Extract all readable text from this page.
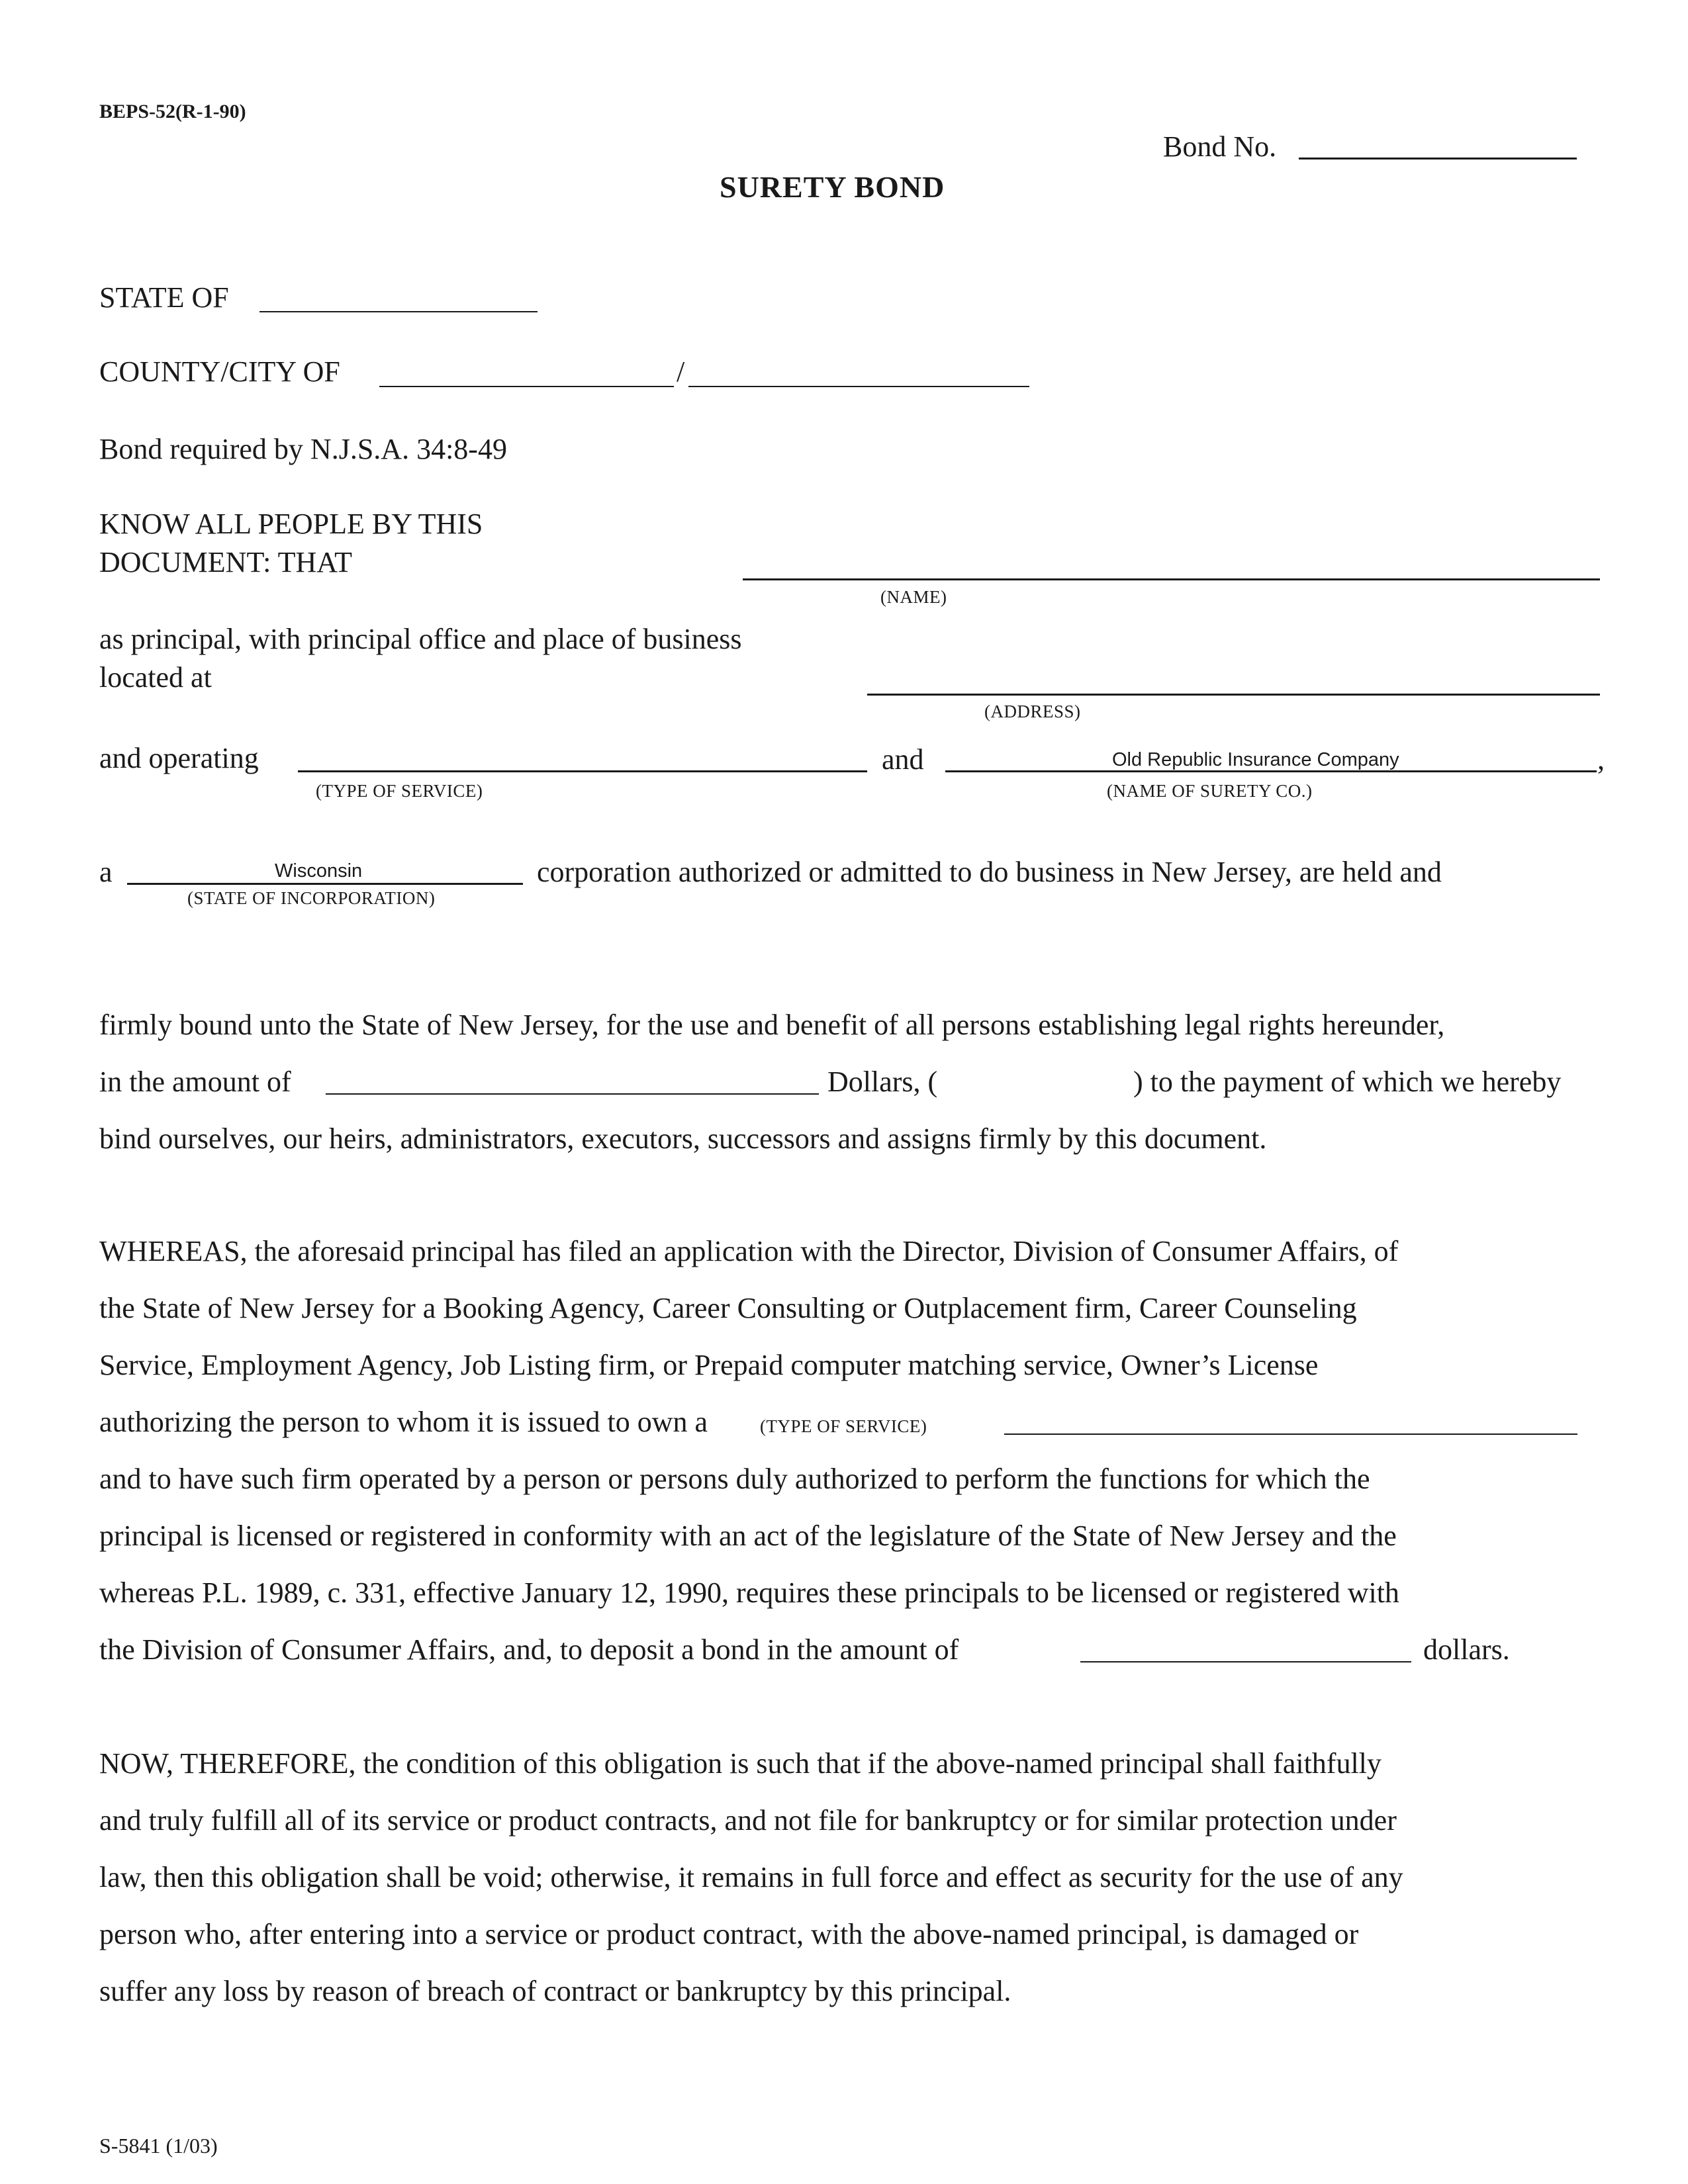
BEPS-52(R-1-90)
Bond No.
SURETY BOND
STATE OF
COUNTY/CITY OF	/
Bond required by N.J.S.A. 34:8-49
KNOW ALL PEOPLE BY THIS
DOCUMENT: THAT
(NAME)
as principal, with principal office and place of business
located at
(ADDRESS)
and operating
(TYPE OF SERVICE)
and	Old Republic Insurance Company
(NAME OF SURETY CO.)
,
a	Wisconsin
(STATE OF INCORPORATION)
corporation authorized or admitted to do business in New Jersey, are held and
firmly bound unto the State of New Jersey, for the use and benefit of all persons establishing legal rights hereunder,
in the amount of	Dollars, (	) to the payment of which we hereby
bind ourselves, our heirs, administrators, executors, successors and assigns firmly by this document.
WHEREAS, the aforesaid principal has filed an application with the Director, Division of Consumer Affairs, of
the State of New Jersey for a Booking Agency, Career Consulting or Outplacement firm, Career Counseling
Service, Employment Agency, Job Listing firm, or Prepaid computer matching service, Owner’s License
authorizing the person to whom it is issued to own a	(TYPE OF SERVICE)
and to have such firm operated by a person or persons duly authorized to perform the functions for which the
principal is licensed or registered in conformity with an act of the legislature of the State of New Jersey and the
whereas P.L. 1989, c. 331, effective January 12, 1990, requires these principals to be licensed or registered with
the Division of Consumer Affairs, and, to deposit a bond in the amount of	dollars.
NOW, THEREFORE, the condition of this obligation is such that if the above-named principal shall faithfully
and truly fulfill all of its service or product contracts, and not file for bankruptcy or for similar protection under
law, then this obligation shall be void; otherwise, it remains in full force and effect as security for the use of any
person who, after entering into a service or product contract, with the above-named principal, is damaged or
suffer any loss by reason of breach of contract or bankruptcy by this principal.
S-5841 (1/03)
